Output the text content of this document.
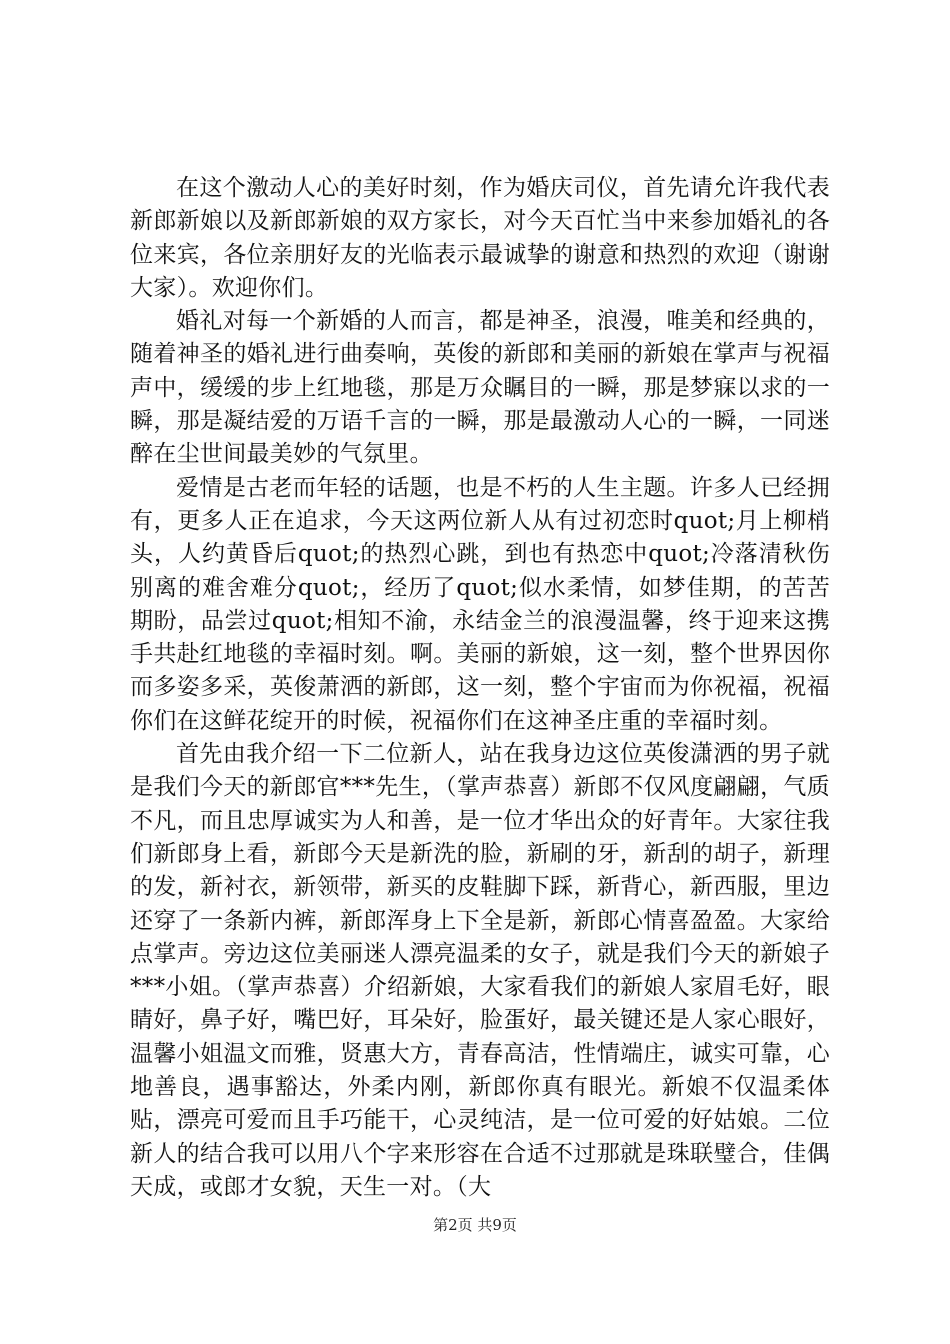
在这个激动人心的美好时刻，作为婚庆司仪，首先请允许我代表新郎新娘以及新郎新娘的双方家长，对今天百忙当中来参加婚礼的各位来宾，各位亲朋好友的光临表示最诚挚的谢意和热烈的欢迎（谢谢大家）。欢迎你们。

婚礼对每一个新婚的人而言，都是神圣，浪漫，唯美和经典的，随着神圣的婚礼进行曲奏响，英俊的新郎和美丽的新娘在掌声与祝福声中，缓缓的步上红地毯，那是万众瞩目的一瞬，那是梦寐以求的一瞬，那是凝结爱的万语千言的一瞬，那是最激动人心的一瞬，一同迷醉在尘世间最美妙的气氛里。

爱情是古老而年轻的话题，也是不朽的人生主题。许多人已经拥有，更多人正在追求，今天这两位新人从有过初恋时quot;月上柳梢头，人约黄昏后quot;的热烈心跳，到也有热恋中quot;冷落清秋伤别离的难舍难分quot;，经历了quot;似水柔情，如梦佳期，的苦苦期盼，品尝过quot;相知不渝，永结金兰的浪漫温馨，终于迎来这携手共赴红地毯的幸福时刻。啊。美丽的新娘，这一刻，整个世界因你而多姿多采，英俊萧洒的新郎，这一刻，整个宇宙而为你祝福，祝福你们在这鲜花绽开的时候，祝福你们在这神圣庄重的幸福时刻。

首先由我介绍一下二位新人，站在我身边这位英俊潇洒的男子就是我们今天的新郎官***先生，（掌声恭喜）新郎不仅风度翩翩，气质不凡，而且忠厚诚实为人和善，是一位才华出众的好青年。大家往我们新郎身上看，新郎今天是新洗的脸，新刷的牙，新刮的胡子，新理的发，新衬衣，新领带，新买的皮鞋脚下踩，新背心，新西服，里边还穿了一条新内裤，新郎浑身上下全是新，新郎心情喜盈盈。大家给点掌声。旁边这位美丽迷人漂亮温柔的女子，就是我们今天的新娘子***小姐。（掌声恭喜）介绍新娘，大家看我们的新娘人家眉毛好，眼睛好，鼻子好，嘴巴好，耳朵好，脸蛋好，最关键还是人家心眼好，温馨小姐温文而雅，贤惠大方，青春高洁，性情端庄，诚实可靠，心地善良，遇事豁达，外柔内刚，新郎你真有眼光。新娘不仅温柔体贴，漂亮可爱而且手巧能干，心灵纯洁，是一位可爱的好姑娘。二位新人的结合我可以用八个字来形容在合适不过那就是珠联璧合，佳偶天成，或郎才女貌，天生一对。（大

第2页 共9页
